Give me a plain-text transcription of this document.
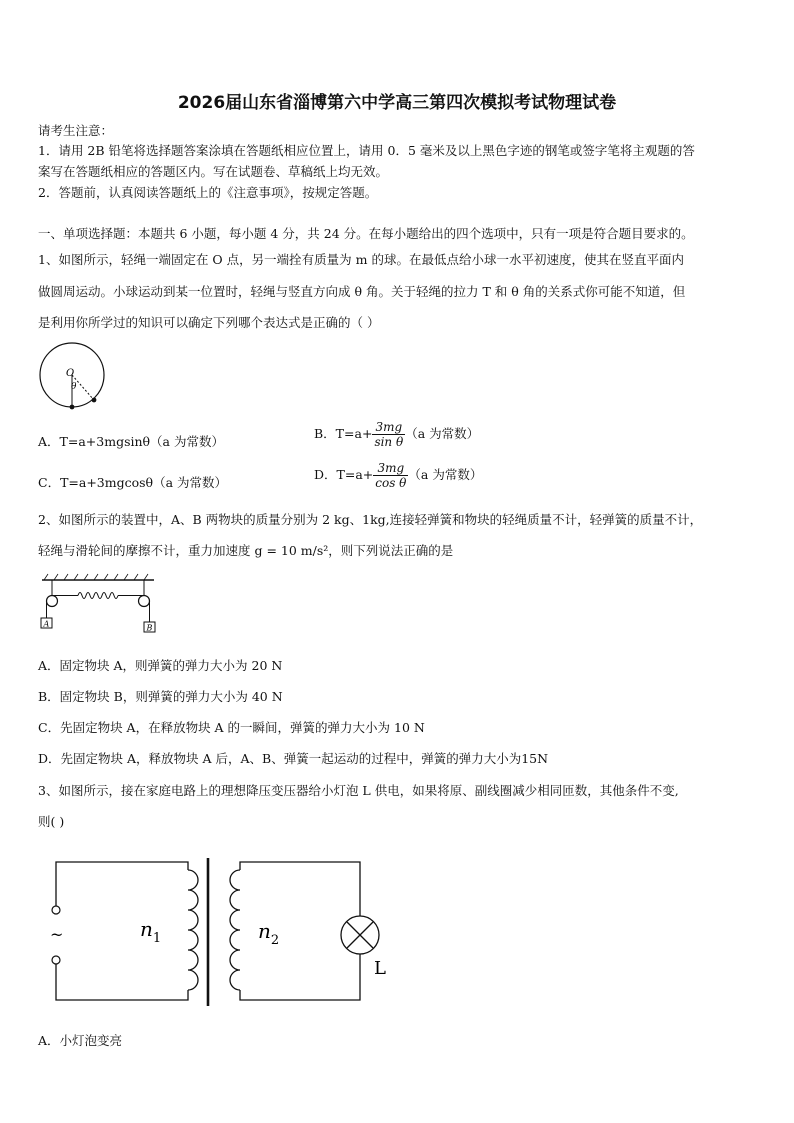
2026届山东省淄博第六中学高三第四次模拟考试物理试卷
请考生注意：
1．请用 2B 铅笔将选择题答案涂填在答题纸相应位置上，请用 0．5 毫米及以上黑色字迹的钢笔或签字笔将主观题的答
案写在答题纸相应的答题区内。写在试题卷、草稿纸上均无效。
2．答题前，认真阅读答题纸上的《注意事项》，按规定答题。
一、单项选择题：本题共 6 小题，每小题 4 分，共 24 分。在每小题给出的四个选项中，只有一项是符合题目要求的。
1、如图所示，轻绳一端固定在 O 点，另一端拴有质量为 m 的球。在最低点给小球一水平初速度，使其在竖直平面内
做圆周运动。小球运动到某一位置时，轻绳与竖直方向成 θ 角。关于轻绳的拉力 T 和 θ 角的关系式你可能不知道，但
是利用你所学过的知识可以确定下列哪个表达式是正确的（ ）
O
θ
A．T=a+3mgsinθ（a 为常数）
B．$T=a+ \frac{3mg}{\text{sin θ}} (a$ 为常数）
C．T=a+3mgcosθ（a 为常数）
D．$T=a+ \frac{3mg}{\text{cos θ}} (a$ 为常数）
2、如图所示的装置中，A、B 两物块的质量分别为 2 kg、1kg,连接轻弹簧和物块的轻绳质量不计，轻弹簧的质量不计，
轻绳与滑轮间的摩擦不计，重力加速度 g = 10 m/s²，则下列说法正确的是
A	B
A．固定物块 A，则弹簧的弹力大小为 20 N
B．固定物块 B，则弹簧的弹力大小为 40 N
C．先固定物块 A，在释放物块 A 的一瞬间，弹簧的弹力大小为 10 N
D．先固定物块 A，释放物块 A 后，A、B、弹簧一起运动的过程中，弹簧的弹力大小为15N
3、如图所示，接在家庭电路上的理想降压变压器给小灯泡 L 供电，如果将原、副线圈减少相同匝数，其他条件不变,
则( )
~	$n_1$	$n_2$
L
A．小灯泡变亮
